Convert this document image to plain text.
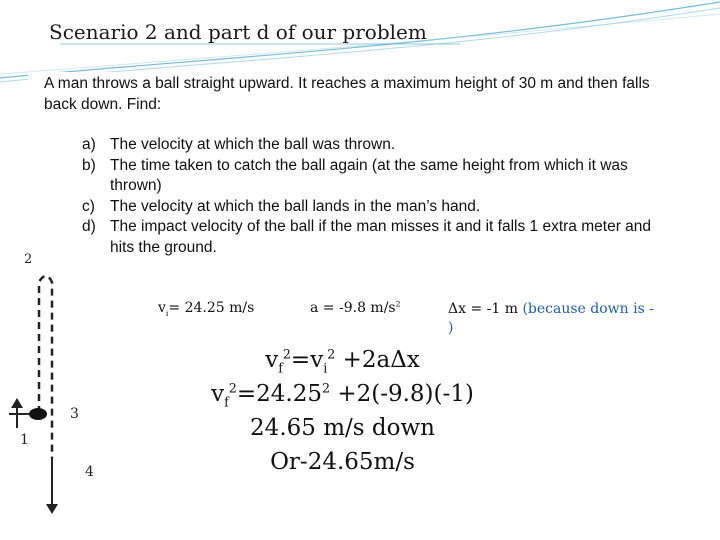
Scenario 2 and part d of our problem
A man throws a ball straight upward. It reaches a maximum height of 30 m and then falls back down. Find:
a) The velocity at which the ball was thrown.
b) The time taken to catch the ball again (at the same height from which it was thrown)
c) The velocity at which the ball lands in the man’s hand.
d) The impact velocity of the ball if the man misses it and it falls 1 extra meter and hits the ground.
2
3
1
4
$v_i= 24.25$ m/s	a = -9.8 $m/s^2$	Δx = -1 m (because down is -
)
$v_f^2=v_i^2 +2a\Delta x$
$v_f^2=24.25^2 +2(-9.8)(-1)$
24.65 m/s down
Or-24.65m/s
